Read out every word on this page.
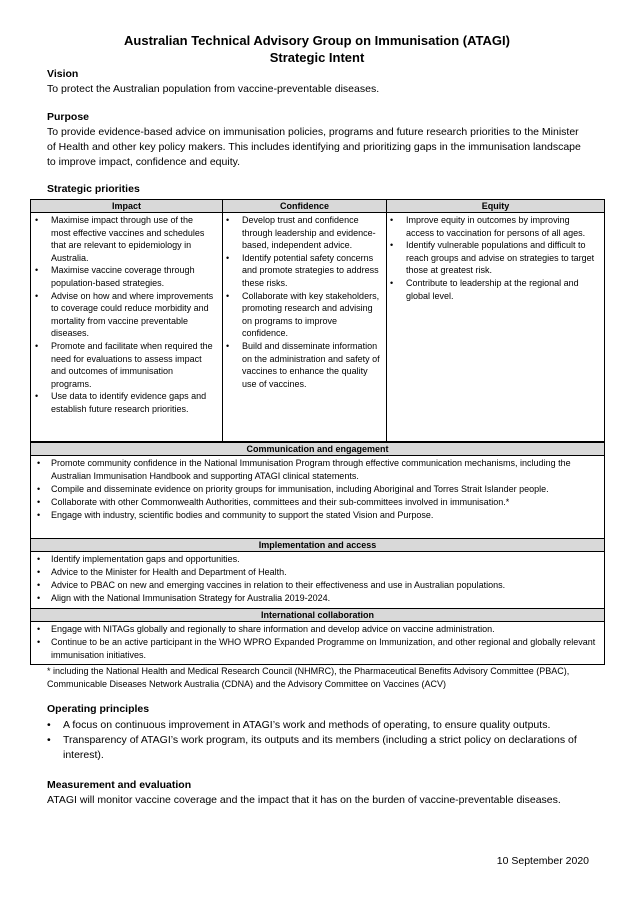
Australian Technical Advisory Group on Immunisation (ATAGI)
Strategic Intent
Vision
To protect the Australian population from vaccine-preventable diseases.
Purpose
To provide evidence-based advice on immunisation policies, programs and future research priorities to the Minister of Health and other key policy makers. This includes identifying and prioritizing gaps in the immunisation landscape to improve impact, confidence and equity.
Strategic priorities
Impact	Confidence	Equity
• Maximise impact through use of the most effective vaccines and schedules that are relevant to epidemiology in Australia.
• Maximise vaccine coverage through population-based strategies.
• Advise on how and where improvements to coverage could reduce morbidity and mortality from vaccine preventable diseases.
• Promote and facilitate when required the need for evaluations to assess impact and outcomes of immunisation programs.
• Use data to identify evidence gaps and establish future research priorities.
• Develop trust and confidence through leadership and evidence-based, independent advice.
• Identify potential safety concerns and promote strategies to address these risks.
• Collaborate with key stakeholders, promoting research and advising on programs to improve confidence.
• Build and disseminate information on the administration and safety of vaccines to enhance the quality use of vaccines.
• Improve equity in outcomes by improving access to vaccination for persons of all ages.
• Identify vulnerable populations and difficult to reach groups and advise on strategies to target those at greatest risk.
• Contribute to leadership at the regional and global level.
Communication and engagement
• Promote community confidence in the National Immunisation Program through effective communication mechanisms, including the Australian Immunisation Handbook and supporting ATAGI clinical statements.
• Compile and disseminate evidence on priority groups for immunisation, including Aboriginal and Torres Strait Islander people.
• Collaborate with other Commonwealth Authorities, committees and their sub-committees involved in immunisation.*
• Engage with industry, scientific bodies and community to support the stated Vision and Purpose.
Implementation and access
• Identify implementation gaps and opportunities.
• Advice to the Minister for Health and Department of Health.
• Advice to PBAC on new and emerging vaccines in relation to their effectiveness and use in Australian populations.
• Align with the National Immunisation Strategy for Australia 2019-2024.
International collaboration
• Engage with NITAGs globally and regionally to share information and develop advice on vaccine administration.
• Continue to be an active participant in the WHO WPRO Expanded Programme on Immunization, and other regional and globally relevant immunisation initiatives.
* including the National Health and Medical Research Council (NHMRC), the Pharmaceutical Benefits Advisory Committee (PBAC), Communicable Diseases Network Australia (CDNA) and the Advisory Committee on Vaccines (ACV)
Operating principles
• A focus on continuous improvement in ATAGI’s work and methods of operating, to ensure quality outputs.
• Transparency of ATAGI’s work program, its outputs and its members (including a strict policy on declarations of interest).
Measurement and evaluation
ATAGI will monitor vaccine coverage and the impact that it has on the burden of vaccine-preventable diseases.
10 September 2020
